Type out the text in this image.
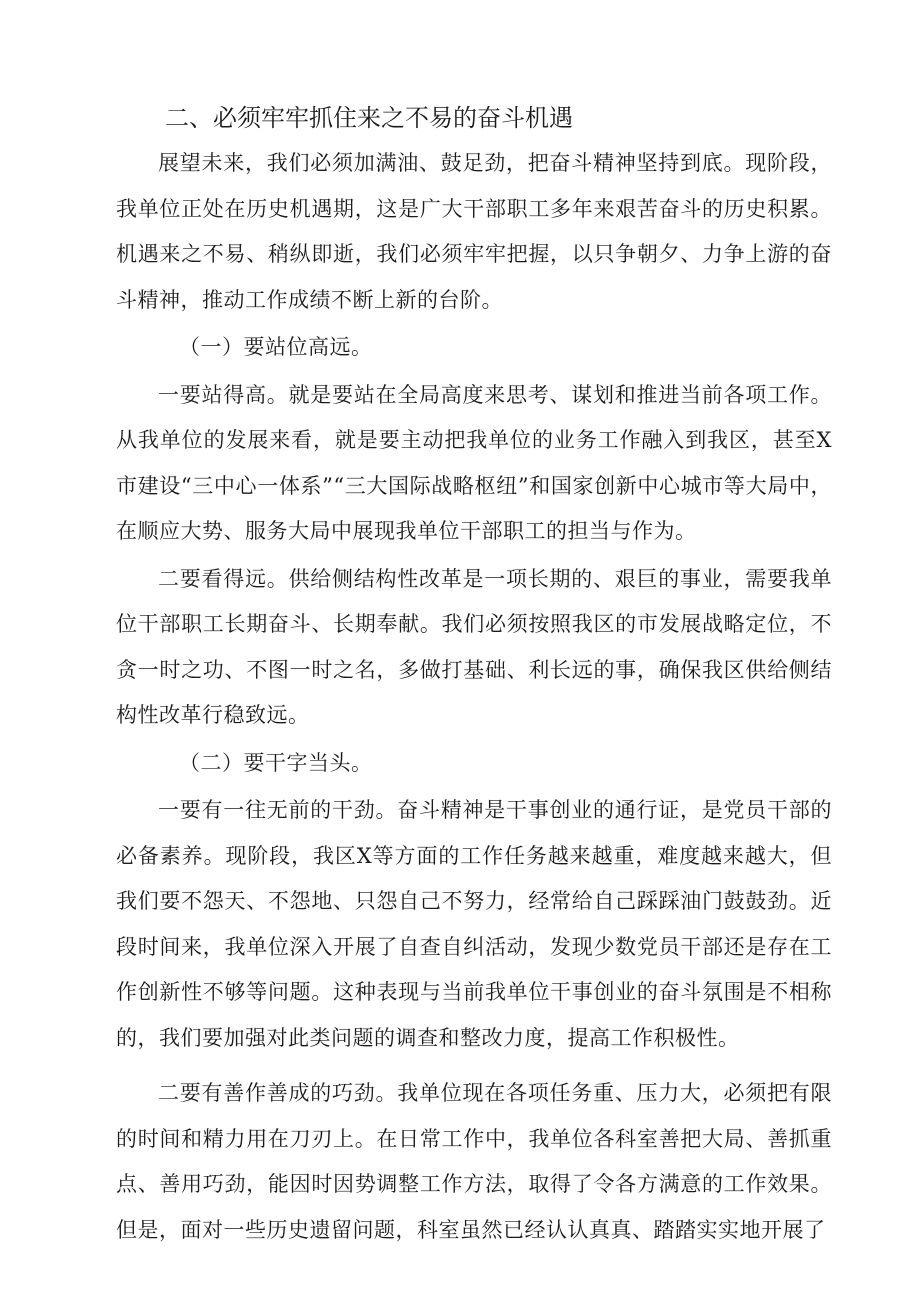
二、必须牢牢抓住来之不易的奋斗机遇

展望未来，我们必须加满油、鼓足劲，把奋斗精神坚持到底。现阶段，我单位正处在历史机遇期，这是广大干部职工多年来艰苦奋斗的历史积累。机遇来之不易、稍纵即逝，我们必须牢牢把握，以只争朝夕、力争上游的奋斗精神，推动工作成绩不断上新的台阶。

（一）要站位高远。

一要站得高。就是要站在全局高度来思考、谋划和推进当前各项工作。从我单位的发展来看，就是要主动把我单位的业务工作融入到我区，甚至X市建设“三中心一体系”“三大国际战略枢纽”和国家创新中心城市等大局中，在顺应大势、服务大局中展现我单位干部职工的担当与作为。

二要看得远。供给侧结构性改革是一项长期的、艰巨的事业，需要我单位干部职工长期奋斗、长期奉献。我们必须按照我区的市发展战略定位，不贪一时之功、不图一时之名，多做打基础、利长远的事，确保我区供给侧结构性改革行稳致远。

（二）要干字当头。

一要有一往无前的干劲。奋斗精神是干事创业的通行证，是党员干部的必备素养。现阶段，我区X等方面的工作任务越来越重，难度越来越大，但我们要不怨天、不怨地、只怨自己不努力，经常给自己踩踩油门鼓鼓劲。近段时间来，我单位深入开展了自查自纠活动，发现少数党员干部还是存在工作创新性不够等问题。这种表现与当前我单位干事创业的奋斗氛围是不相称的，我们要加强对此类问题的调查和整改力度，提高工作积极性。

二要有善作善成的巧劲。我单位现在各项任务重、压力大，必须把有限的时间和精力用在刀刃上。在日常工作中，我单位各科室善把大局、善抓重点、善用巧劲，能因时因势调整工作方法，取得了令各方满意的工作效果。但是，面对一些历史遗留问题，科室虽然已经认认真真、踏踏实实地开展了
